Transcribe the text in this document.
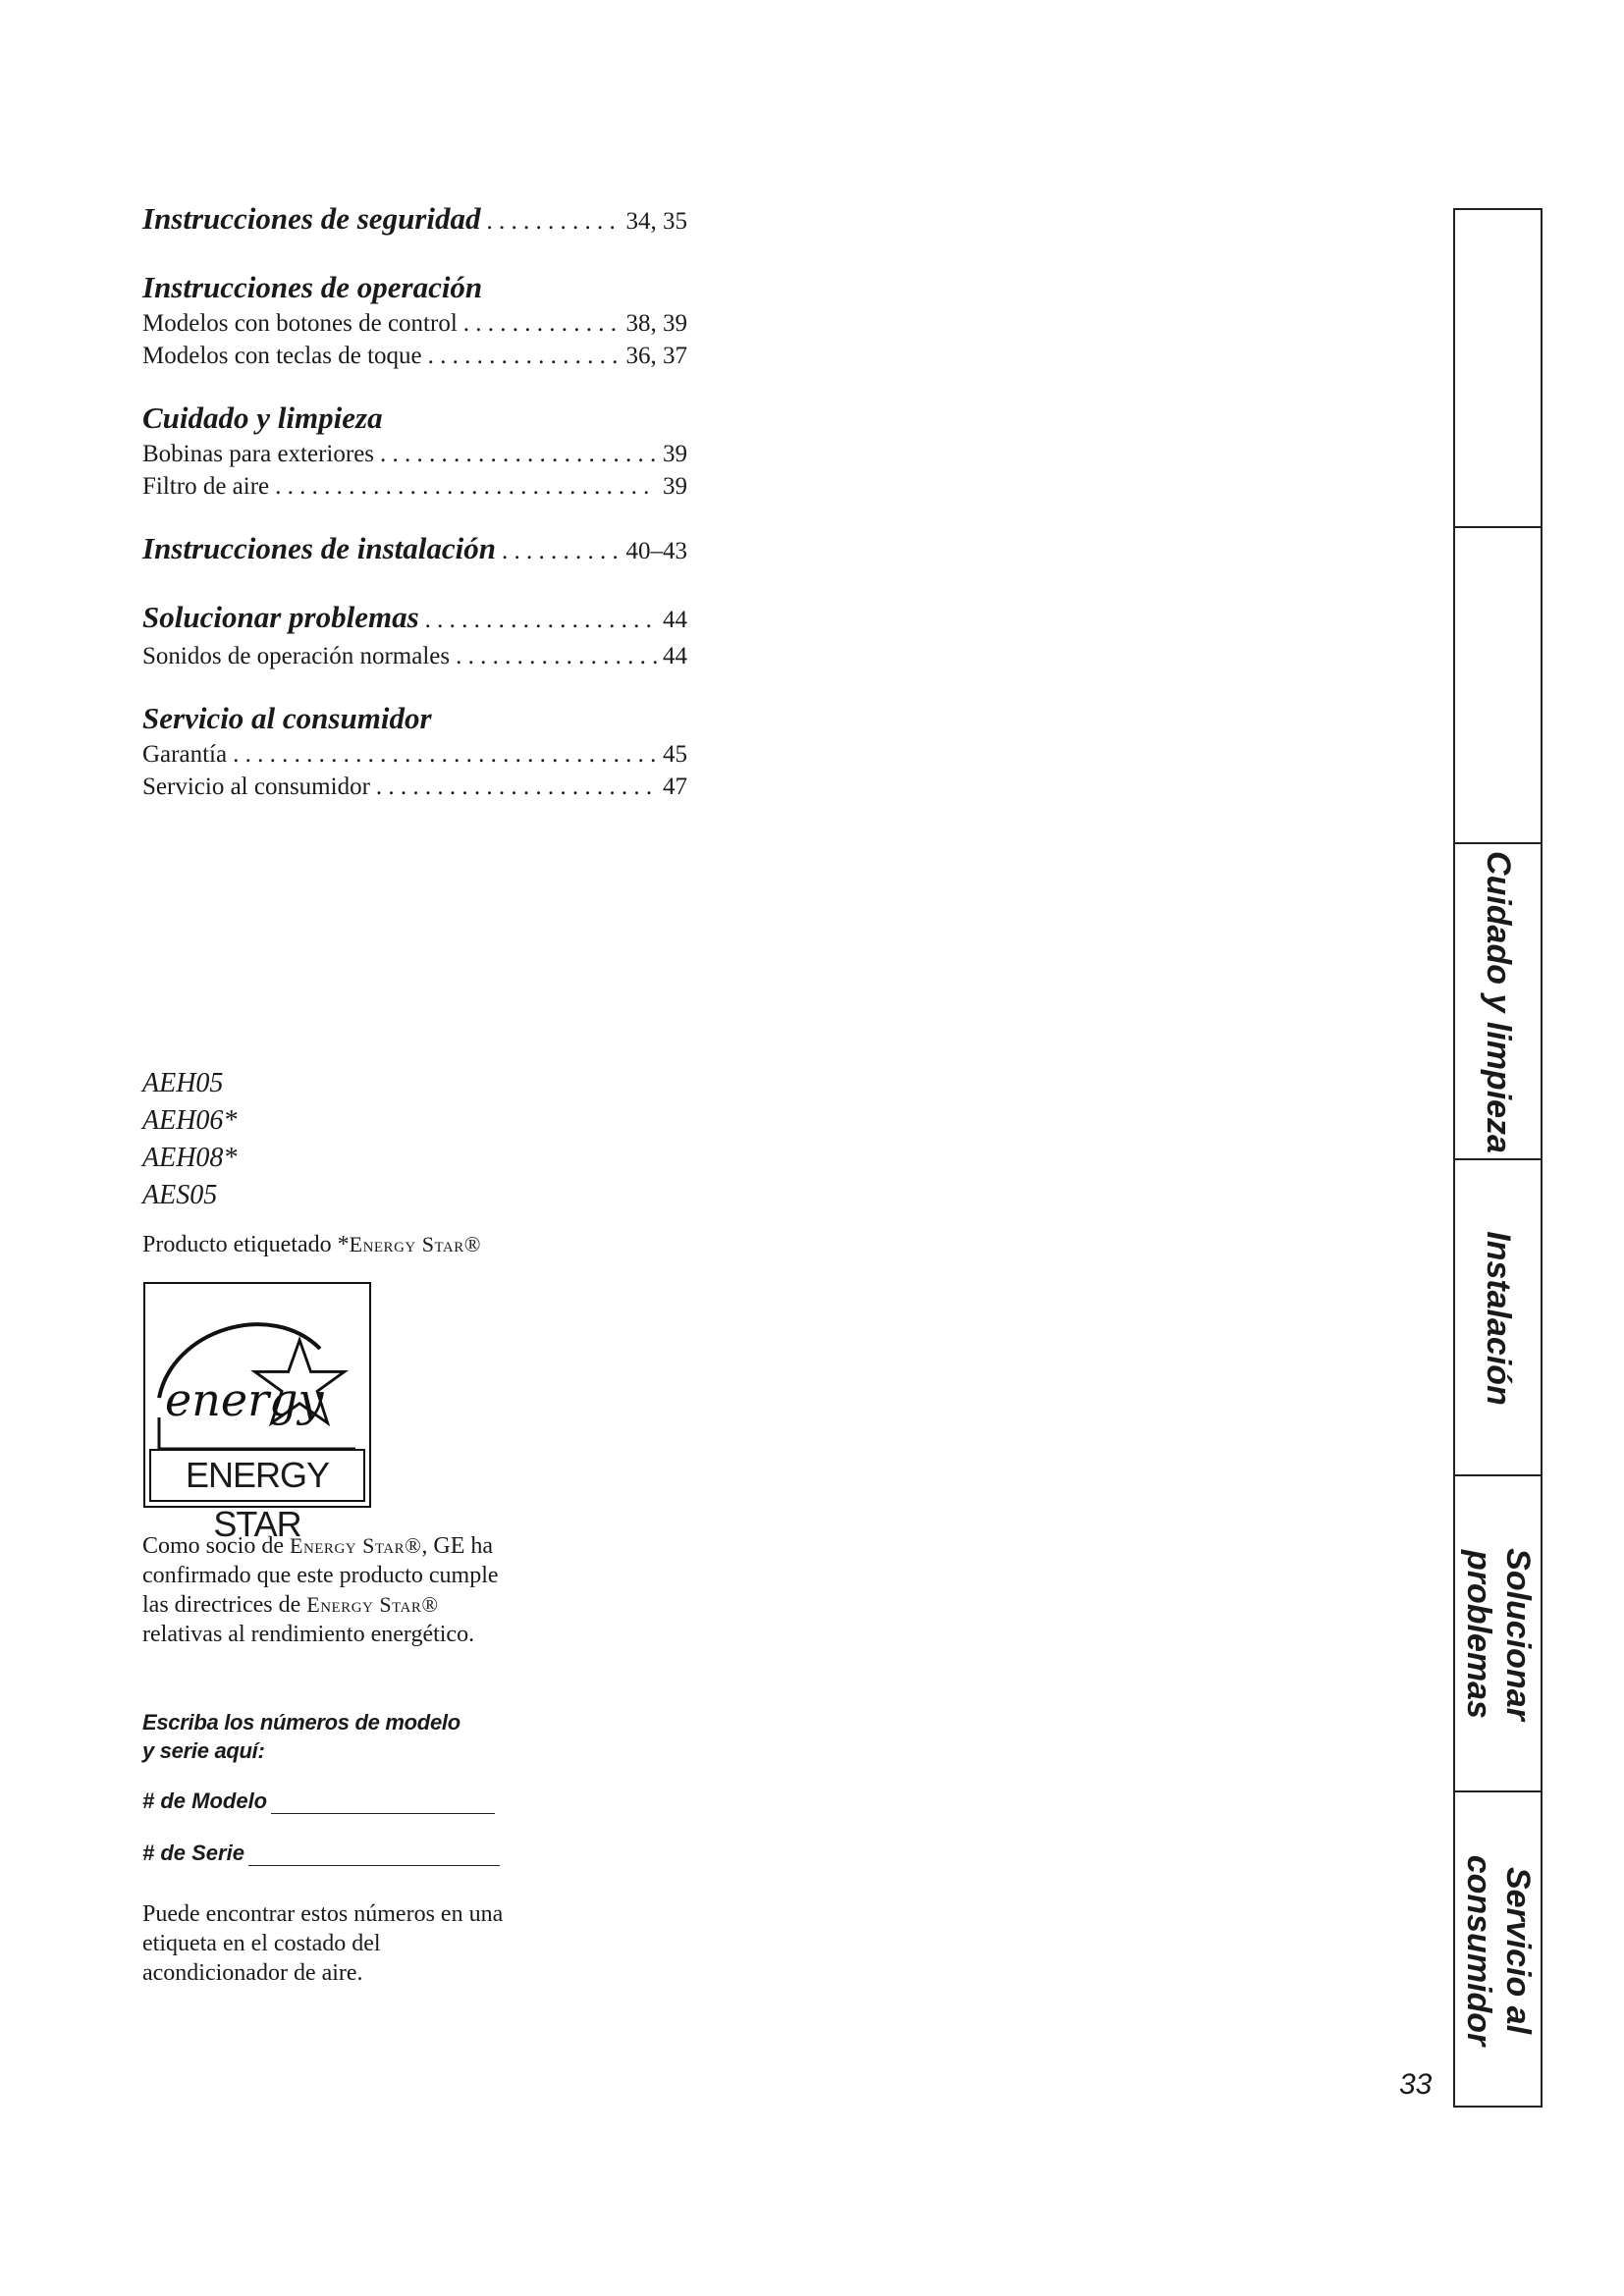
Instrucciones de seguridad . . .	34, 35
Instrucciones de operación
Modelos con botones de control . . .	38, 39
Modelos con teclas de toque . . .	36, 37
Cuidado y limpieza
Bobinas para exteriores . . .	39
Filtro de aire . . .	39
Instrucciones de instalación . . .	40–43
Solucionar problemas . . .	44
Sonidos de operación normales . . .	44
Servicio al consumidor
Garantía . . .	45
Servicio al consumidor . . .	47
AEH05
AEH06*
AEH08*
AES05
Producto etiquetado *Energy Star®
energy
ENERGY STAR
Como socio de Energy Star®, GE ha confirmado que este producto cumple las directrices de Energy Star® relativas al rendimiento energético.
Escriba los números de modelo
y serie aquí:
# de Modelo
# de Serie
Puede encontrar estos números en una etiqueta en el costado del acondicionador de aire.
33
Seguridad
Operación
Cuidado y limpieza
Instalación
Solucionar problemas
Servicio al consumidor
